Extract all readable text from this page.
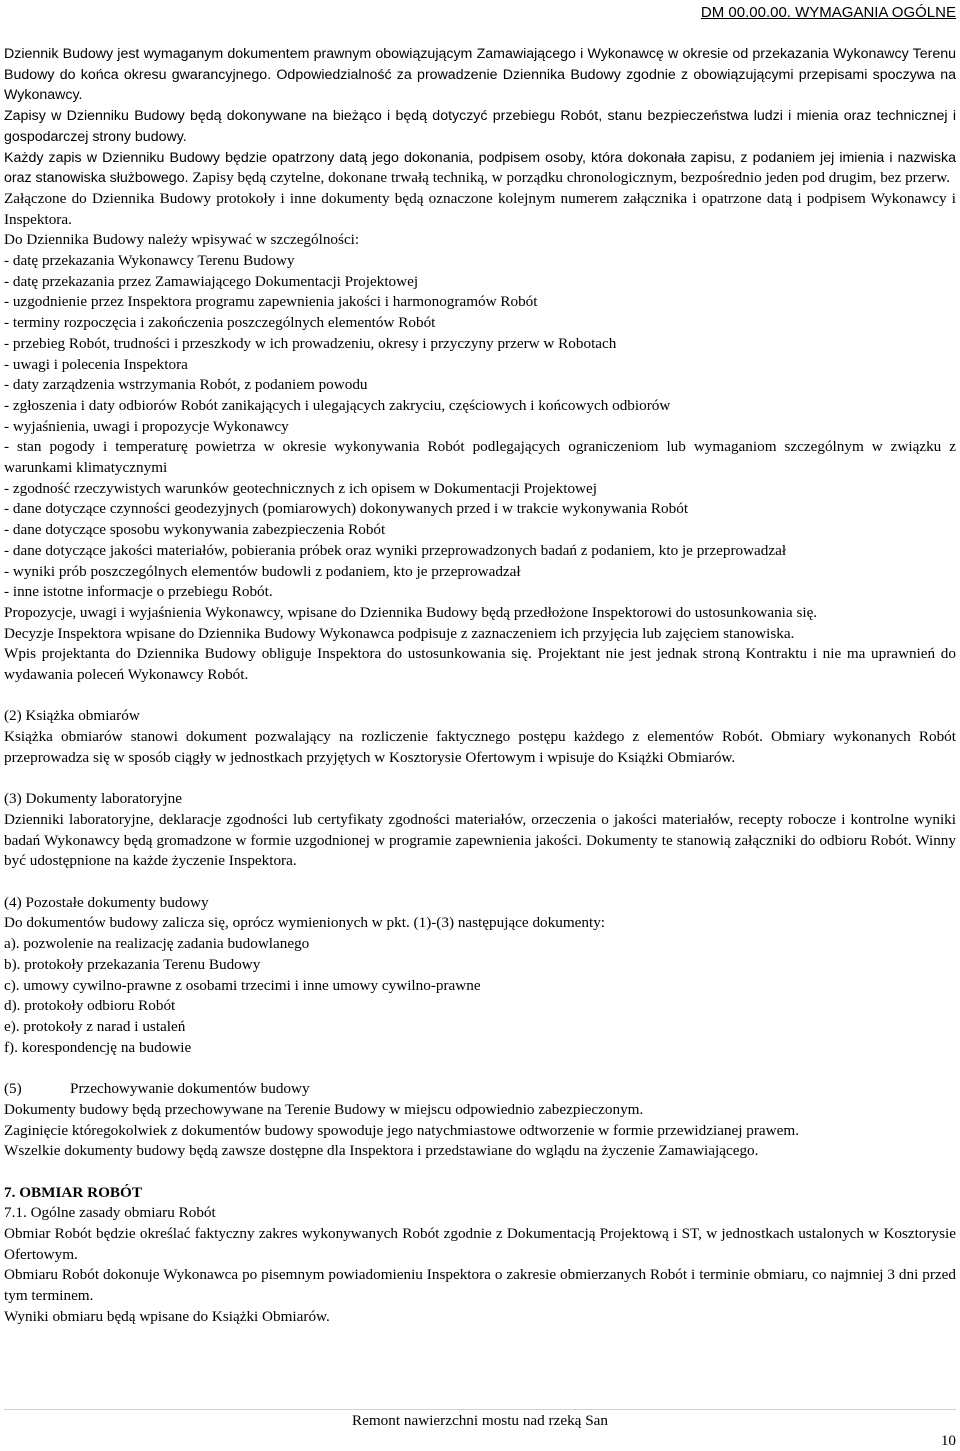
DM 00.00.00. WYMAGANIA OGÓLNE

Dziennik Budowy jest wymaganym dokumentem prawnym obowiązującym Zamawiającego i Wykonawcę w okresie od przekazania Wykonawcy Terenu Budowy do końca okresu gwarancyjnego. Odpowiedzialność za prowadzenie Dziennika Budowy zgodnie z obowiązującymi przepisami spoczywa na Wykonawcy.

Zapisy w Dzienniku Budowy będą dokonywane na bieżąco i będą dotyczyć przebiegu Robót, stanu bezpieczeństwa ludzi i mienia oraz technicznej i gospodarczej strony budowy.

Każdy zapis w Dzienniku Budowy będzie opatrzony datą jego dokonania, podpisem osoby, która dokonała zapisu, z podaniem jej imienia i nazwiska oraz stanowiska służbowego. Zapisy będą czytelne, dokonane trwałą techniką, w porządku chronologicznym, bezpośrednio jeden pod drugim, bez przerw.

Załączone do Dziennika Budowy protokoły i inne dokumenty będą oznaczone kolejnym numerem załącznika i opatrzone datą i podpisem Wykonawcy i Inspektora.

Do Dziennika Budowy należy wpisywać w szczególności:

- datę przekazania Wykonawcy Terenu Budowy

- datę przekazania przez Zamawiającego Dokumentacji Projektowej

- uzgodnienie przez Inspektora programu zapewnienia jakości i harmonogramów Robót

- terminy rozpoczęcia i zakończenia poszczególnych elementów Robót

- przebieg Robót, trudności i przeszkody w ich prowadzeniu, okresy i przyczyny przerw w Robotach

- uwagi i polecenia Inspektora

- daty zarządzenia wstrzymania Robót, z podaniem powodu

- zgłoszenia i daty odbiorów Robót zanikających i ulegających zakryciu, częściowych i końcowych odbiorów

- wyjaśnienia, uwagi i propozycje Wykonawcy

- stan pogody i temperaturę powietrza w okresie wykonywania Robót podlegających ograniczeniom lub wymaganiom szczególnym w związku z warunkami klimatycznymi

- zgodność rzeczywistych warunków geotechnicznych z ich opisem w Dokumentacji Projektowej

- dane dotyczące czynności geodezyjnych (pomiarowych) dokonywanych przed i w trakcie wykonywania Robót

- dane dotyczące sposobu wykonywania zabezpieczenia Robót

- dane dotyczące jakości materiałów, pobierania próbek oraz wyniki przeprowadzonych badań z podaniem, kto je przeprowadzał

- wyniki prób poszczególnych elementów budowli z podaniem, kto je przeprowadzał

- inne istotne informacje o przebiegu Robót.

Propozycje, uwagi i wyjaśnienia Wykonawcy, wpisane do Dziennika Budowy będą przedłożone Inspektorowi do ustosunkowania się.

Decyzje Inspektora wpisane do Dziennika Budowy Wykonawca podpisuje z zaznaczeniem ich przyjęcia lub zajęciem stanowiska.

Wpis projektanta do Dziennika Budowy obliguje Inspektora do ustosunkowania się. Projektant nie jest jednak stroną Kontraktu i nie ma uprawnień do wydawania poleceń Wykonawcy Robót.

(2) Książka obmiarów

Książka obmiarów stanowi dokument pozwalający na rozliczenie faktycznego postępu każdego z elementów Robót. Obmiary wykonanych Robót przeprowadza się w sposób ciągły w jednostkach przyjętych w Kosztorysie Ofertowym i wpisuje do Książki Obmiarów.

(3) Dokumenty laboratoryjne

Dzienniki laboratoryjne, deklaracje zgodności lub certyfikaty zgodności materiałów, orzeczenia o jakości materiałów, recepty robocze i kontrolne wyniki badań Wykonawcy będą gromadzone w formie uzgodnionej w programie zapewnienia jakości. Dokumenty te stanowią załączniki do odbioru Robót. Winny być udostępnione na każde życzenie Inspektora.

(4) Pozostałe dokumenty budowy

Do dokumentów budowy zalicza się, oprócz wymienionych w pkt. (1)-(3) następujące dokumenty:

a). pozwolenie na realizację zadania budowlanego

b). protokoły przekazania Terenu Budowy

c). umowy cywilno-prawne z osobami trzecimi i inne umowy cywilno-prawne

d). protokoły odbioru Robót

e). protokoły z narad i ustaleń

f). korespondencję na budowie

(5)	Przechowywanie dokumentów budowy

Dokumenty budowy będą przechowywane na Terenie Budowy w miejscu odpowiednio zabezpieczonym.

Zaginięcie któregokolwiek z dokumentów budowy spowoduje jego natychmiastowe odtworzenie w formie przewidzianej prawem.

Wszelkie dokumenty budowy będą zawsze dostępne dla Inspektora i przedstawiane do wglądu na życzenie Zamawiającego.

7. OBMIAR ROBÓT

7.1. Ogólne zasady obmiaru Robót

Obmiar Robót będzie określać faktyczny zakres wykonywanych Robót zgodnie z Dokumentacją Projektową i ST, w jednostkach ustalonych w Kosztorysie Ofertowym.

Obmiaru Robót dokonuje Wykonawca po pisemnym powiadomieniu Inspektora o zakresie obmierzanych Robót i terminie obmiaru, co najmniej 3 dni przed tym terminem.

Wyniki obmiaru będą wpisane do Książki Obmiarów.

Remont nawierzchni mostu nad rzeką San
10
